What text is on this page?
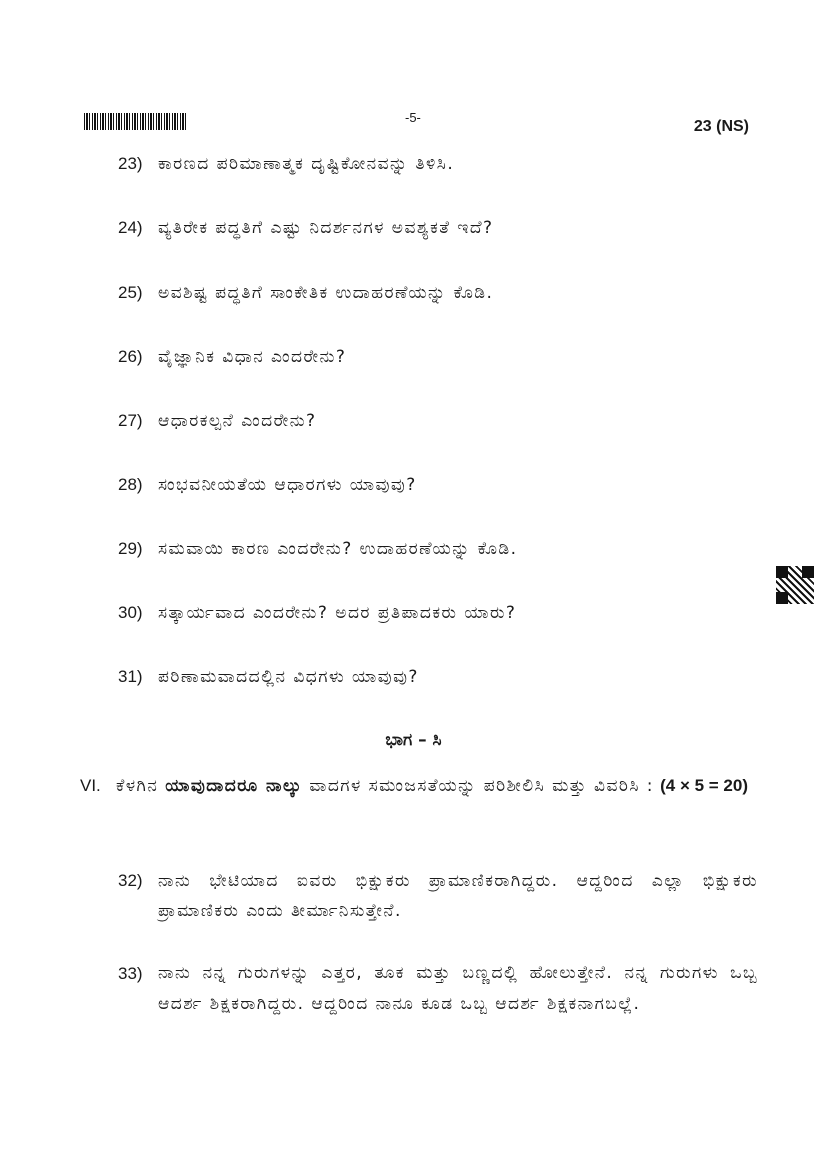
-5-
23 (NS)
23) ಕಾರಣದ ಪರಿಮಾಣಾತ್ಮಕ ದೃಷ್ಟಿಕೋನವನ್ನು ತಿಳಿಸಿ.
24) ವ್ಯತಿರೇಕ ಪದ್ಧತಿಗೆ ಎಷ್ಟು ನಿದರ್ಶನಗಳ ಅವಶ್ಯಕತೆ ಇದೆ?
25) ಅವಶಿಷ್ಟ ಪದ್ಧತಿಗೆ ಸಾಂಕೇತಿಕ ಉದಾಹರಣೆಯನ್ನು ಕೊಡಿ.
26) ವೈಜ್ಞಾನಿಕ ವಿಧಾನ ಎಂದರೇನು?
27) ಆಧಾರಕಲ್ಪನೆ ಎಂದರೇನು?
28) ಸಂಭವನೀಯತೆಯ ಆಧಾರಗಳು ಯಾವುವು?
29) ಸಮವಾಯಿ ಕಾರಣ ಎಂದರೇನು? ಉದಾಹರಣೆಯನ್ನು ಕೊಡಿ.
30) ಸತ್ಕಾರ್ಯವಾದ ಎಂದರೇನು? ಅದರ ಪ್ರತಿಪಾದಕರು ಯಾರು?
31) ಪರಿಣಾಮವಾದದಲ್ಲಿನ ವಿಧಗಳು ಯಾವುವು?
ಭಾಗ – ಸಿ
VI. ಕೆಳಗಿನ ಯಾವುದಾದರೂ ನಾಲ್ಕು ವಾದಗಳ ಸಮಂಜಸತೆಯನ್ನು ಪರಿಶೀಲಿಸಿ ಮತ್ತು ವಿವರಿಸಿ : (4 × 5 = 20)
32) ನಾನು ಭೇಟಿಯಾದ ಐವರು ಭಿಕ್ಷುಕರು ಪ್ರಾಮಾಣಿಕರಾಗಿದ್ದರು. ಆದ್ದರಿಂದ ಎಲ್ಲಾ ಭಿಕ್ಷುಕರು ಪ್ರಾಮಾಣಿಕರು ಎಂದು ತೀರ್ಮಾನಿಸುತ್ತೇನೆ.
33) ನಾನು ನನ್ನ ಗುರುಗಳನ್ನು ಎತ್ತರ, ತೂಕ ಮತ್ತು ಬಣ್ಣದಲ್ಲಿ ಹೋಲುತ್ತೇನೆ. ನನ್ನ ಗುರುಗಳು ಒಬ್ಬ ಆದರ್ಶ ಶಿಕ್ಷಕರಾಗಿದ್ದರು. ಆದ್ದರಿಂದ ನಾನೂ ಕೂಡ ಒಬ್ಬ ಆದರ್ಶ ಶಿಕ್ಷಕನಾಗಬಲ್ಲೆ.
